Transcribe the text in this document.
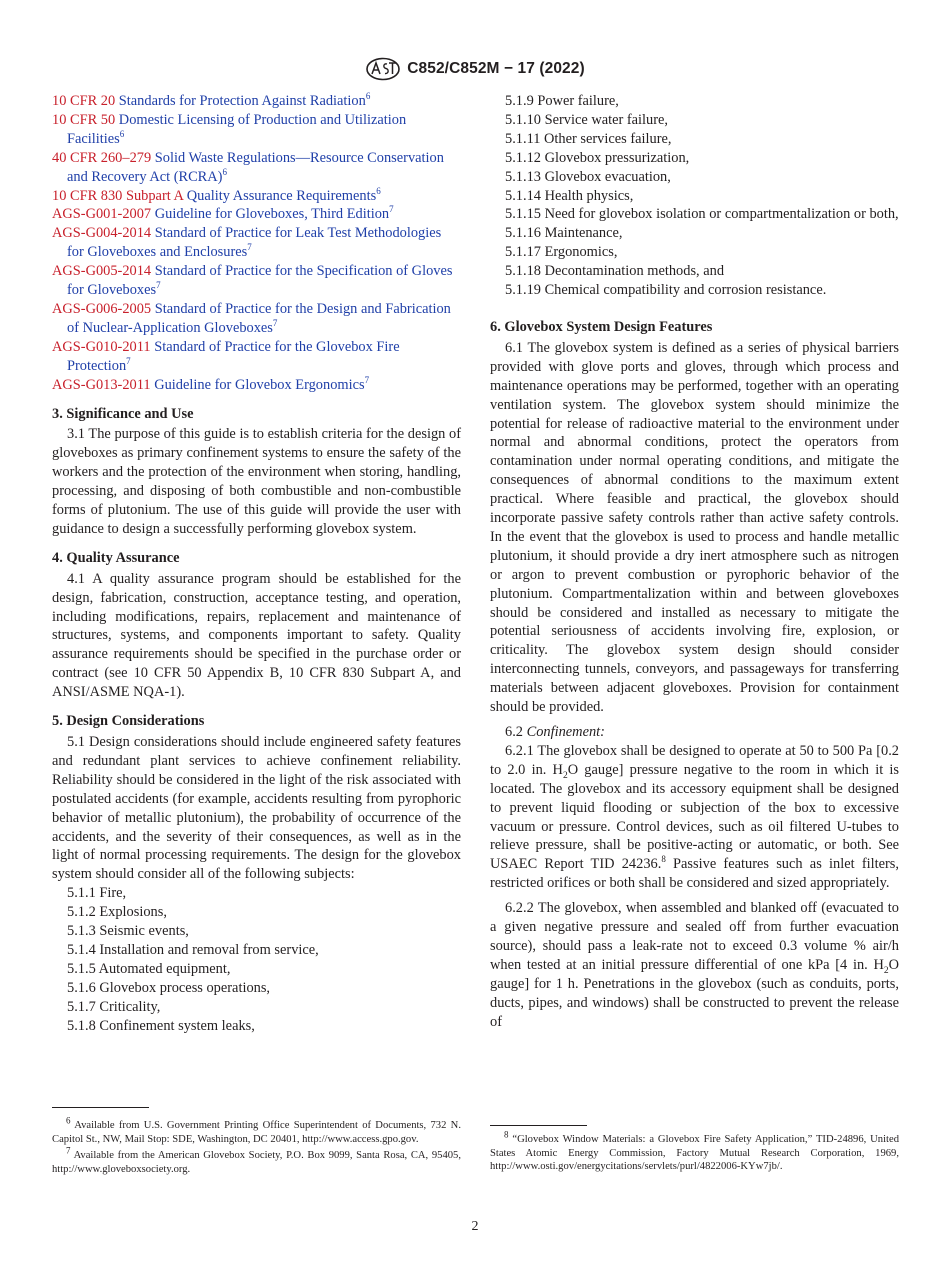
C852/C852M − 17 (2022)

10 CFR 20 Standards for Protection Against Radiation$^6$

10 CFR 50 Domestic Licensing of Production and Utilization Facilities$^6$

40 CFR 260–279 Solid Waste Regulations—Resource Conservation and Recovery Act (RCRA)$^6$

10 CFR 830 Subpart A Quality Assurance Requirements$^6$

AGS-G001-2007 Guideline for Gloveboxes, Third Edition$^7$

AGS-G004-2014 Standard of Practice for Leak Test Methodologies for Gloveboxes and Enclosures$^7$

AGS-G005-2014 Standard of Practice for the Specification of Gloves for Gloveboxes$^7$

AGS-G006-2005 Standard of Practice for the Design and Fabrication of Nuclear-Application Gloveboxes$^7$

AGS-G010-2011 Standard of Practice for the Glovebox Fire Protection$^7$

AGS-G013-2011 Guideline for Glovebox Ergonomics$^7$

3. Significance and Use

3.1 The purpose of this guide is to establish criteria for the design of gloveboxes as primary confinement systems to ensure the safety of the workers and the protection of the environment when storing, handling, processing, and disposing of both combustible and non-combustible forms of plutonium. The use of this guide will provide the user with guidance to design a successfully performing glovebox system.

4. Quality Assurance

4.1 A quality assurance program should be established for the design, fabrication, construction, acceptance testing, and operation, including modifications, repairs, replacement and maintenance of structures, systems, and components important to safety. Quality assurance requirements should be specified in the purchase order or contract (see 10 CFR 50 Appendix B, 10 CFR 830 Subpart A, and ANSI/ASME NQA-1).

5. Design Considerations

5.1 Design considerations should include engineered safety features and redundant plant services to achieve confinement reliability. Reliability should be considered in the light of the risk associated with postulated accidents (for example, accidents resulting from pyrophoric behavior of metallic plutonium), the probability of occurrence of the accidents, and the severity of their consequences, as well as in the light of normal processing requirements. The design for the glovebox system should consider all of the following subjects:

5.1.1 Fire,

5.1.2 Explosions,

5.1.3 Seismic events,

5.1.4 Installation and removal from service,

5.1.5 Automated equipment,

5.1.6 Glovebox process operations,

5.1.7 Criticality,

5.1.8 Confinement system leaks,

5.1.9 Power failure,

5.1.10 Service water failure,

5.1.11 Other services failure,

5.1.12 Glovebox pressurization,

5.1.13 Glovebox evacuation,

5.1.14 Health physics,

5.1.15 Need for glovebox isolation or compartmentalization or both,

5.1.16 Maintenance,

5.1.17 Ergonomics,

5.1.18 Decontamination methods, and

5.1.19 Chemical compatibility and corrosion resistance.

6. Glovebox System Design Features

6.1 The glovebox system is defined as a series of physical barriers provided with glove ports and gloves, through which process and maintenance operations may be performed, together with an operating ventilation system. The glovebox system should minimize the potential for release of radioactive material to the environment under normal and abnormal conditions, protect the operators from contamination under normal operating conditions, and mitigate the consequences of abnormal conditions to the maximum extent practical. Where feasible and practical, the glovebox should incorporate passive safety controls rather than active safety controls. In the event that the glovebox is used to process and handle metallic plutonium, it should provide a dry inert atmosphere such as nitrogen or argon to prevent combustion or pyrophoric behavior of the plutonium. Compartmentalization within and between gloveboxes should be considered and installed as necessary to mitigate the potential seriousness of accidents involving fire, explosion, or criticality. The glovebox system design should consider interconnecting tunnels, conveyors, and passageways for transferring materials between adjacent gloveboxes. Provision for containment should be provided.

6.2 Confinement:

6.2.1 The glovebox shall be designed to operate at 50 to 500 Pa [0.2 to 2.0 in. $H_2O$ gauge] pressure negative to the room in which it is located. The glovebox and its accessory equipment shall be designed to prevent liquid flooding or subjection of the box to excessive vacuum or pressure. Control devices, such as oil filtered U-tubes to relieve pressure, shall be positive-acting or automatic, or both. See USAEC Report TID 24236.$^8$ Passive features such as inlet filters, restricted orifices or both shall be considered and sized appropriately.

6.2.2 The glovebox, when assembled and blanked off (evacuated to a given negative pressure and sealed off from further evacuation source), should pass a leak-rate not to exceed 0.3 volume % air/h when tested at an initial pressure differential of one kPa [4 in. $H_2O$ gauge] for 1 h. Penetrations in the glovebox (such as conduits, ports, ducts, pipes, and windows) shall be constructed to prevent the release of

$^6$ Available from U.S. Government Printing Office Superintendent of Documents, 732 N. Capitol St., NW, Mail Stop: SDE, Washington, DC 20401, http://www.access.gpo.gov.

$^7$ Available from the American Glovebox Society, P.O. Box 9099, Santa Rosa, CA, 95405, http://www.gloveboxsociety.org.

$^8$ “Glovebox Window Materials: a Glovebox Fire Safety Application,” TID-24896, United States Atomic Energy Commission, Factory Mutual Research Corporation, 1969, http://www.osti.gov/energycitations/servlets/purl/4822006-KYw7jb/.

2
